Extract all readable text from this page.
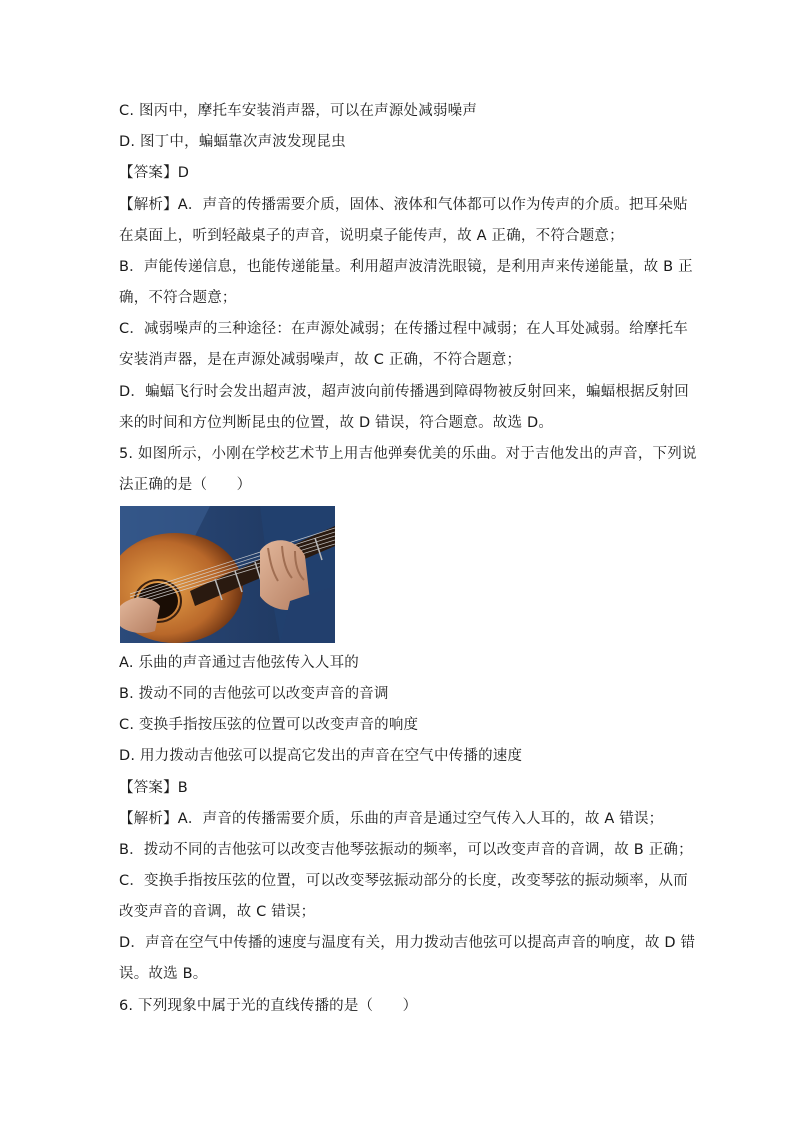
C. 图丙中，摩托车安装消声器，可以在声源处减弱噪声
D. 图丁中，蝙蝠靠次声波发现昆虫
【答案】D
【解析】A．声音的传播需要介质，固体、液体和气体都可以作为传声的介质。把耳朵贴
在桌面上，听到轻敲桌子的声音，说明桌子能传声，故 A 正确，不符合题意；
B．声能传递信息，也能传递能量。利用超声波清洗眼镜，是利用声来传递能量，故 B 正
确，不符合题意；
C．减弱噪声的三种途径：在声源处减弱；在传播过程中减弱；在人耳处减弱。给摩托车
安装消声器，是在声源处减弱噪声，故 C 正确，不符合题意；
D．蝙蝠飞行时会发出超声波，超声波向前传播遇到障碍物被反射回来，蝙蝠根据反射回
来的时间和方位判断昆虫的位置，故 D 错误，符合题意。故选 D。
5. 如图所示，小刚在学校艺术节上用吉他弹奏优美的乐曲。对于吉他发出的声音，下列说
法正确的是（　　）
A. 乐曲的声音通过吉他弦传入人耳的
B. 拨动不同的吉他弦可以改变声音的音调
C. 变换手指按压弦的位置可以改变声音的响度
D. 用力拨动吉他弦可以提高它发出的声音在空气中传播的速度
【答案】B
【解析】A．声音的传播需要介质，乐曲的声音是通过空气传入人耳的，故 A 错误；
B．拨动不同的吉他弦可以改变吉他琴弦振动的频率，可以改变声音的音调，故 B 正确；
C．变换手指按压弦的位置，可以改变琴弦振动部分的长度，改变琴弦的振动频率，从而
改变声音的音调，故 C 错误；
D．声音在空气中传播的速度与温度有关，用力拨动吉他弦可以提高声音的响度，故 D 错
误。故选 B。
6. 下列现象中属于光的直线传播的是（　　）
